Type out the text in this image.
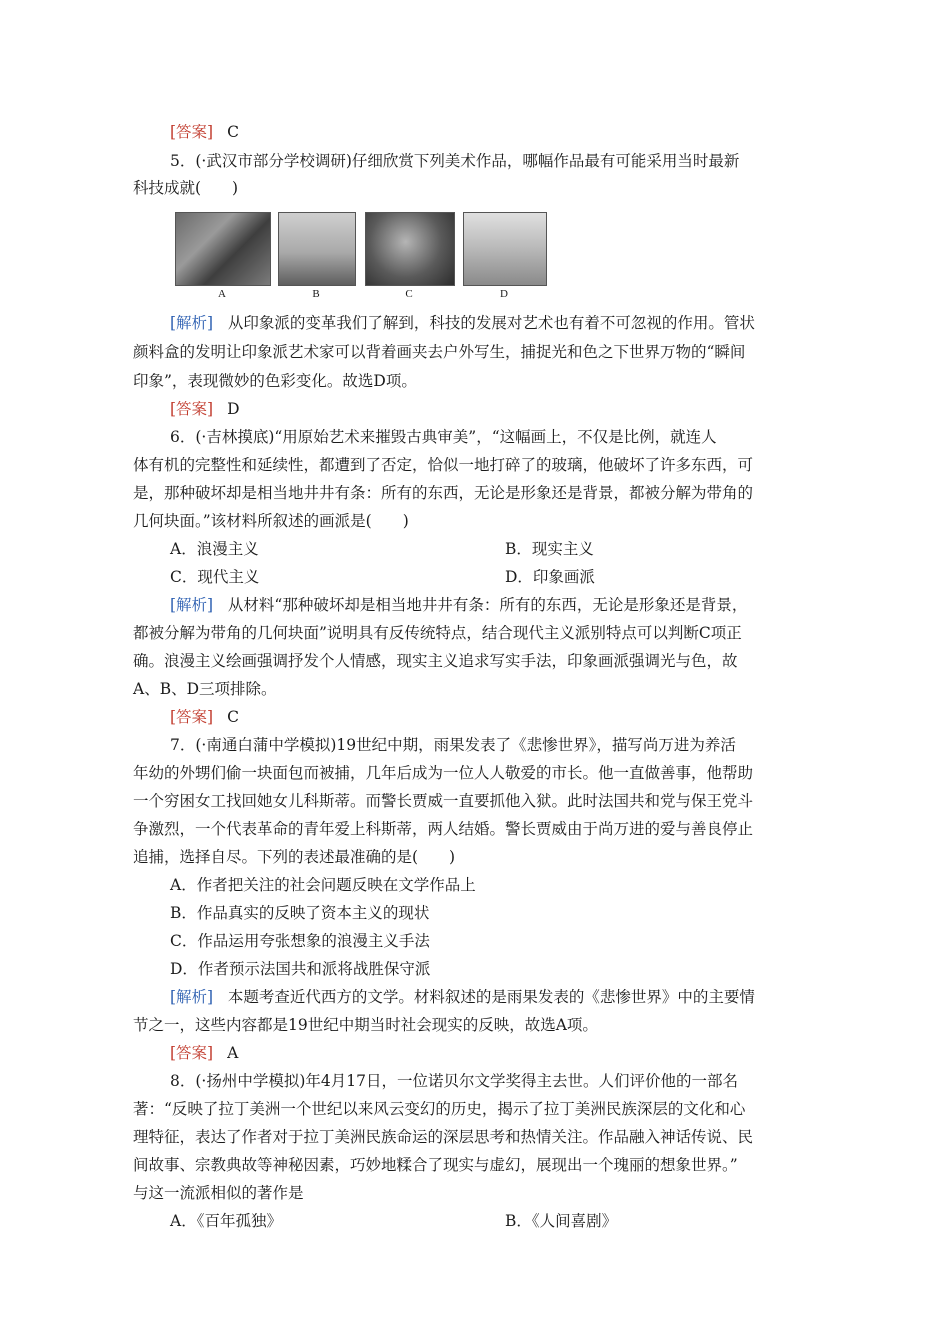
[答案] C
5．(·武汉市部分学校调研)仔细欣赏下列美术作品，哪幅作品最有可能采用当时最新
科技成就(　　)
A	B	C	D
[解析] 从印象派的变革我们了解到，科技的发展对艺术也有着不可忽视的作用。管状
颜料盒的发明让印象派艺术家可以背着画夹去户外写生，捕捉光和色之下世界万物的“瞬间
印象”，表现微妙的色彩变化。故选D项。
[答案] D
6．(·吉林摸底)“用原始艺术来摧毁古典审美”，“这幅画上，不仅是比例，就连人
体有机的完整性和延续性，都遭到了否定，恰似一地打碎了的玻璃，他破坏了许多东西，可
是，那种破坏却是相当地井井有条：所有的东西，无论是形象还是背景，都被分解为带角的
几何块面。”该材料所叙述的画派是(　　)
A．浪漫主义	B．现实主义
C．现代主义	D．印象画派
[解析] 从材料“那种破坏却是相当地井井有条：所有的东西，无论是形象还是背景，
都被分解为带角的几何块面”说明具有反传统特点，结合现代主义派别特点可以判断C项正
确。浪漫主义绘画强调抒发个人情感，现实主义追求写实手法，印象画派强调光与色，故
A、B、D三项排除。
[答案] C
7．(·南通白蒲中学模拟)19世纪中期，雨果发表了《悲惨世界》，描写尚万进为养活
年幼的外甥们偷一块面包而被捕，几年后成为一位人人敬爱的市长。他一直做善事，他帮助
一个穷困女工找回她女儿科斯蒂。而警长贾威一直要抓他入狱。此时法国共和党与保王党斗
争激烈，一个代表革命的青年爱上科斯蒂，两人结婚。警长贾威由于尚万进的爱与善良停止
追捕，选择自尽。下列的表述最准确的是(　　)
A．作者把关注的社会问题反映在文学作品上
B．作品真实的反映了资本主义的现状
C．作品运用夸张想象的浪漫主义手法
D．作者预示法国共和派将战胜保守派
[解析] 本题考查近代西方的文学。材料叙述的是雨果发表的《悲惨世界》中的主要情
节之一，这些内容都是19世纪中期当时社会现实的反映，故选A项。
[答案] A
8．(·扬州中学模拟)年4月17日，一位诺贝尔文学奖得主去世。人们评价他的一部名
著：“反映了拉丁美洲一个世纪以来风云变幻的历史，揭示了拉丁美洲民族深层的文化和心
理特征，表达了作者对于拉丁美洲民族命运的深层思考和热情关注。作品融入神话传说、民
间故事、宗教典故等神秘因素，巧妙地糅合了现实与虚幻，展现出一个瑰丽的想象世界。”
与这一流派相似的著作是
A．《百年孤独》	B．《人间喜剧》
